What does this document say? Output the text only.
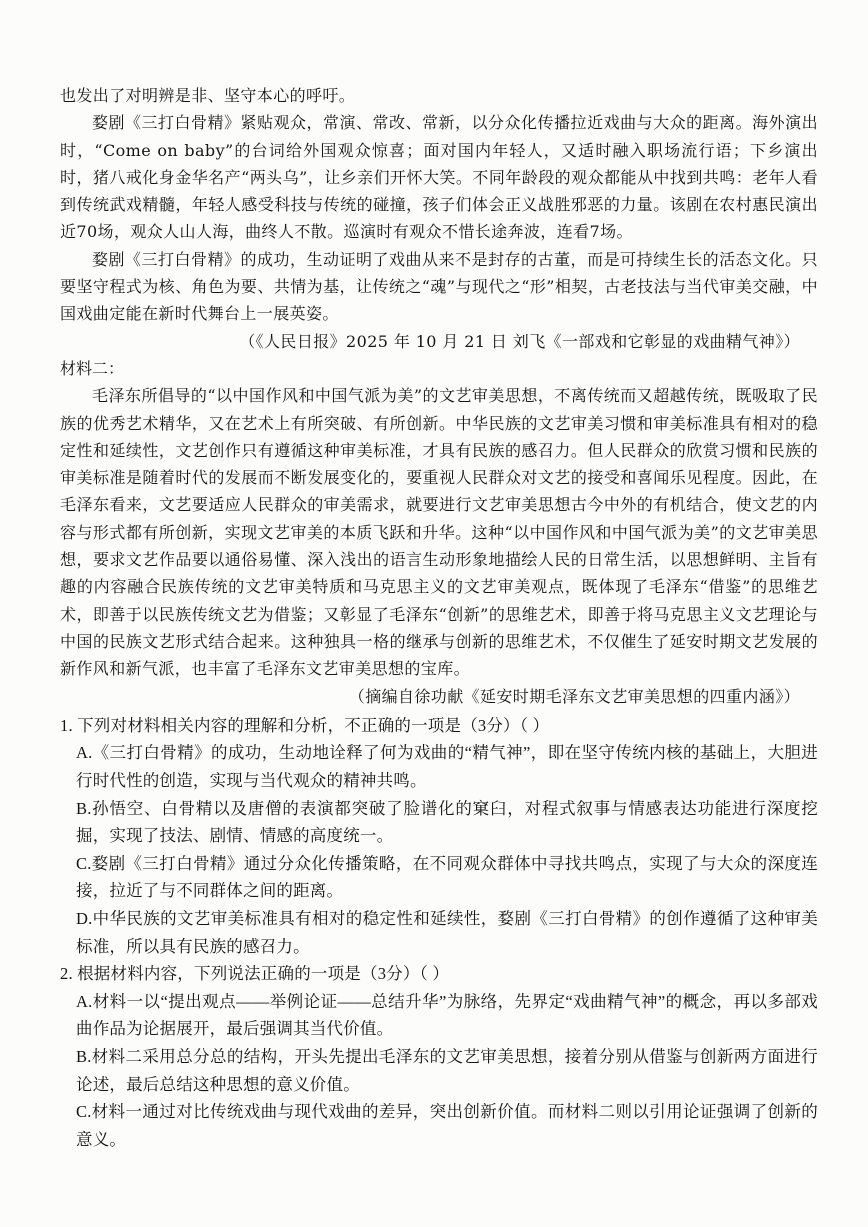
也发出了对明辨是非、坚守本心的呼吁。

婺剧《三打白骨精》紧贴观众，常演、常改、常新，以分众化传播拉近戏曲与大众的距离。海外演出时，“Come on baby”的台词给外国观众惊喜；面对国内年轻人，又适时融入职场流行语；下乡演出时，猪八戒化身金华名产“两头乌”，让乡亲们开怀大笑。不同年龄段的观众都能从中找到共鸣：老年人看到传统武戏精髓，年轻人感受科技与传统的碰撞，孩子们体会正义战胜邪恶的力量。该剧在农村惠民演出近70场，观众人山人海，曲终人不散。巡演时有观众不惜长途奔波，连看7场。

婺剧《三打白骨精》的成功，生动证明了戏曲从来不是封存的古董，而是可持续生长的活态文化。只要坚守程式为核、角色为要、共情为基，让传统之“魂”与现代之“形”相契，古老技法与当代审美交融，中国戏曲定能在新时代舞台上一展英姿。

（《人民日报》2025 年 10 月 21 日 刘飞《一部戏和它彰显的戏曲精气神》）

材料二：

毛泽东所倡导的“以中国作风和中国气派为美”的文艺审美思想，不离传统而又超越传统，既吸取了民族的优秀艺术精华，又在艺术上有所突破、有所创新。中华民族的文艺审美习惯和审美标准具有相对的稳定性和延续性，文艺创作只有遵循这种审美标准，才具有民族的感召力。但人民群众的欣赏习惯和民族的审美标准是随着时代的发展而不断发展变化的，要重视人民群众对文艺的接受和喜闻乐见程度。因此，在毛泽东看来，文艺要适应人民群众的审美需求，就要进行文艺审美思想古今中外的有机结合，使文艺的内容与形式都有所创新，实现文艺审美的本质飞跃和升华。这种“以中国作风和中国气派为美”的文艺审美思想，要求文艺作品要以通俗易懂、深入浅出的语言生动形象地描绘人民的日常生活，以思想鲜明、主旨有趣的内容融合民族传统的文艺审美特质和马克思主义的文艺审美观点，既体现了毛泽东“借鉴”的思维艺术，即善于以民族传统文艺为借鉴；又彰显了毛泽东“创新”的思维艺术，即善于将马克思主义文艺理论与中国的民族文艺形式结合起来。这种独具一格的继承与创新的思维艺术，不仅催生了延安时期文艺发展的新作风和新气派，也丰富了毛泽东文艺审美思想的宝库。

（摘编自徐功献《延安时期毛泽东文艺审美思想的四重内涵》）

1. 下列对材料相关内容的理解和分析，不正确的一项是（3分）（ ）

A.《三打白骨精》的成功，生动地诠释了何为戏曲的“精气神”，即在坚守传统内核的基础上，大胆进行时代性的创造，实现与当代观众的精神共鸣。

B.孙悟空、白骨精以及唐僧的表演都突破了脸谱化的窠臼，对程式叙事与情感表达功能进行深度挖掘，实现了技法、剧情、情感的高度统一。

C.婺剧《三打白骨精》通过分众化传播策略，在不同观众群体中寻找共鸣点，实现了与大众的深度连接，拉近了与不同群体之间的距离。

D.中华民族的文艺审美标准具有相对的稳定性和延续性，婺剧《三打白骨精》的创作遵循了这种审美标准，所以具有民族的感召力。

2. 根据材料内容，下列说法正确的一项是（3分）（ ）

A.材料一以“提出观点——举例论证——总结升华”为脉络，先界定“戏曲精气神”的概念，再以多部戏曲作品为论据展开，最后强调其当代价值。

B.材料二采用总分总的结构，开头先提出毛泽东的文艺审美思想，接着分别从借鉴与创新两方面进行论述，最后总结这种思想的意义价值。

C.材料一通过对比传统戏曲与现代戏曲的差异，突出创新价值。而材料二则以引用论证强调了创新的意义。
